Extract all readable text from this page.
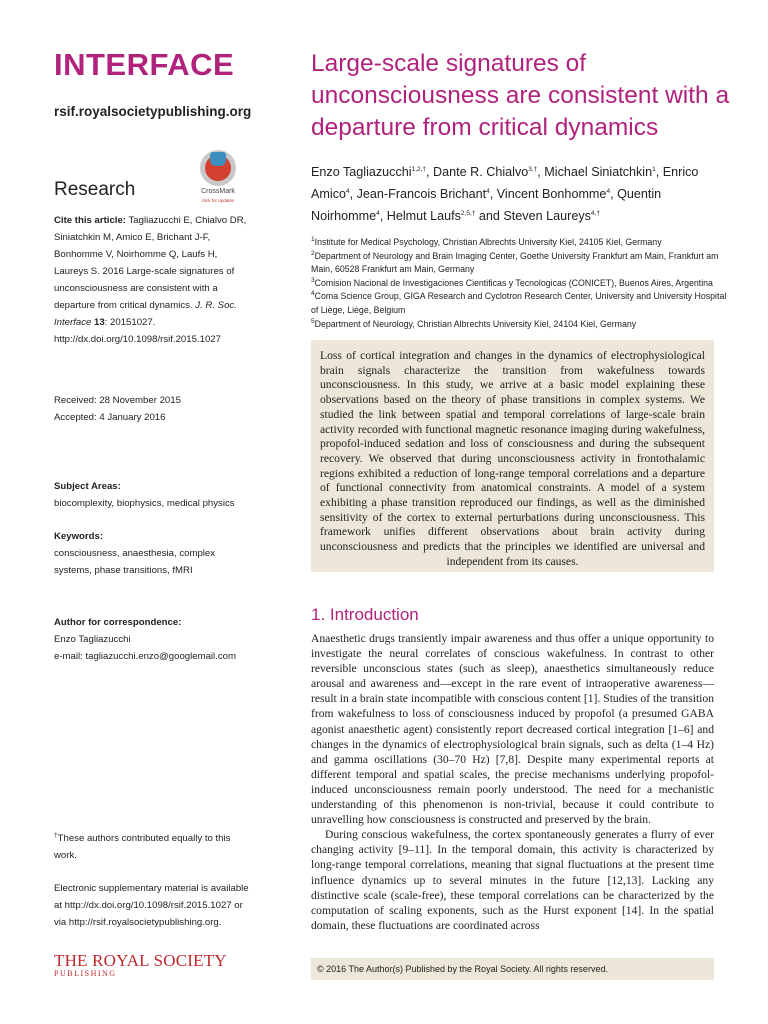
INTERFACE
rsif.royalsocietypublishing.org
Research	CrossMark
click for updates
Cite this article: Tagliazucchi E, Chialvo DR, Siniatchkin M, Amico E, Brichant J-F, Bonhomme V, Noirhomme Q, Laufs H, Laureys S. 2016 Large-scale signatures of unconsciousness are consistent with a departure from critical dynamics. J. R. Soc. Interface 13: 20151027.
http://dx.doi.org/10.1098/rsif.2015.1027
Received: 28 November 2015
Accepted: 4 January 2016
Subject Areas:
biocomplexity, biophysics, medical physics
Keywords:
consciousness, anaesthesia, complex systems, phase transitions, fMRI
Author for correspondence:
Enzo Tagliazucchi
e-mail: tagliazucchi.enzo@googlemail.com
†These authors contributed equally to this work.
Electronic supplementary material is available at http://dx.doi.org/10.1098/rsif.2015.1027 or via http://rsif.royalsocietypublishing.org.
THE ROYAL SOCIETY
PUBLISHING
Large-scale signatures of unconsciousness are consistent with a departure from critical dynamics
Enzo Tagliazucchi$^{1,2,\dagger}$, Dante R. Chialvo$^{3,\dagger}$, Michael Siniatchkin$^1$, Enrico Amico$^4$, Jean-Francois Brichant$^4$, Vincent Bonhomme$^4$, Quentin Noirhomme$^4$, Helmut Laufs$^{2,5,\dagger}$ and Steven Laureys$^{4,\dagger}$
$^1$Institute for Medical Psychology, Christian Albrechts University Kiel, 24105 Kiel, Germany
$^2$Department of Neurology and Brain Imaging Center, Goethe University Frankfurt am Main, Frankfurt am Main, 60528 Frankfurt am Main, Germany
$^3$Comision Nacional de Investigaciones Cientificas y Tecnologicas (CONICET), Buenos Aires, Argentina
$^4$Coma Science Group, GIGA Research and Cyclotron Research Center, University and University Hospital of Liège, Liège, Belgium
$^5$Department of Neurology, Christian Albrechts University Kiel, 24104 Kiel, Germany
Loss of cortical integration and changes in the dynamics of electrophysiological brain signals characterize the transition from wakefulness towards unconsciousness. In this study, we arrive at a basic model explaining these observations based on the theory of phase transitions in complex systems. We studied the link between spatial and temporal correlations of large-scale brain activity recorded with functional magnetic resonance imaging during wakefulness, propofol-induced sedation and loss of consciousness and during the subsequent recovery. We observed that during unconsciousness activity in frontothalamic regions exhibited a reduction of long-range temporal correlations and a departure of functional connectivity from anatomical constraints. A model of a system exhibiting a phase transition reproduced our findings, as well as the diminished sensitivity of the cortex to external perturbations during unconsciousness. This framework unifies different observations about brain activity during unconsciousness and predicts that the principles we identified are universal and independent from its causes.
1. Introduction

Anaesthetic drugs transiently impair awareness and thus offer a unique opportunity to investigate the neural correlates of conscious wakefulness. In contrast to other reversible unconscious states (such as sleep), anaesthetics simultaneously reduce arousal and awareness and—except in the rare event of intraoperative awareness—result in a brain state incompatible with conscious content [1]. Studies of the transition from wakefulness to loss of consciousness induced by propofol (a presumed GABA agonist anaesthetic agent) consistently report decreased cortical integration [1–6] and changes in the dynamics of electrophysiological brain signals, such as delta (1–4 Hz) and gamma oscillations (30–70 Hz) [7,8]. Despite many experimental reports at different temporal and spatial scales, the precise mechanisms underlying propofol-induced unconsciousness remain poorly understood. The need for a mechanistic understanding of this phenomenon is non-trivial, because it could contribute to unravelling how consciousness is constructed and preserved by the brain.

During conscious wakefulness, the cortex spontaneously generates a flurry of ever changing activity [9–11]. In the temporal domain, this activity is characterized by long-range temporal correlations, meaning that signal fluctuations at the present time influence dynamics up to several minutes in the future [12,13]. Lacking any distinctive scale (scale-free), these temporal correlations can be characterized by the computation of scaling exponents, such as the Hurst exponent [14]. In the spatial domain, these fluctuations are coordinated across

© 2016 The Author(s) Published by the Royal Society. All rights reserved.
